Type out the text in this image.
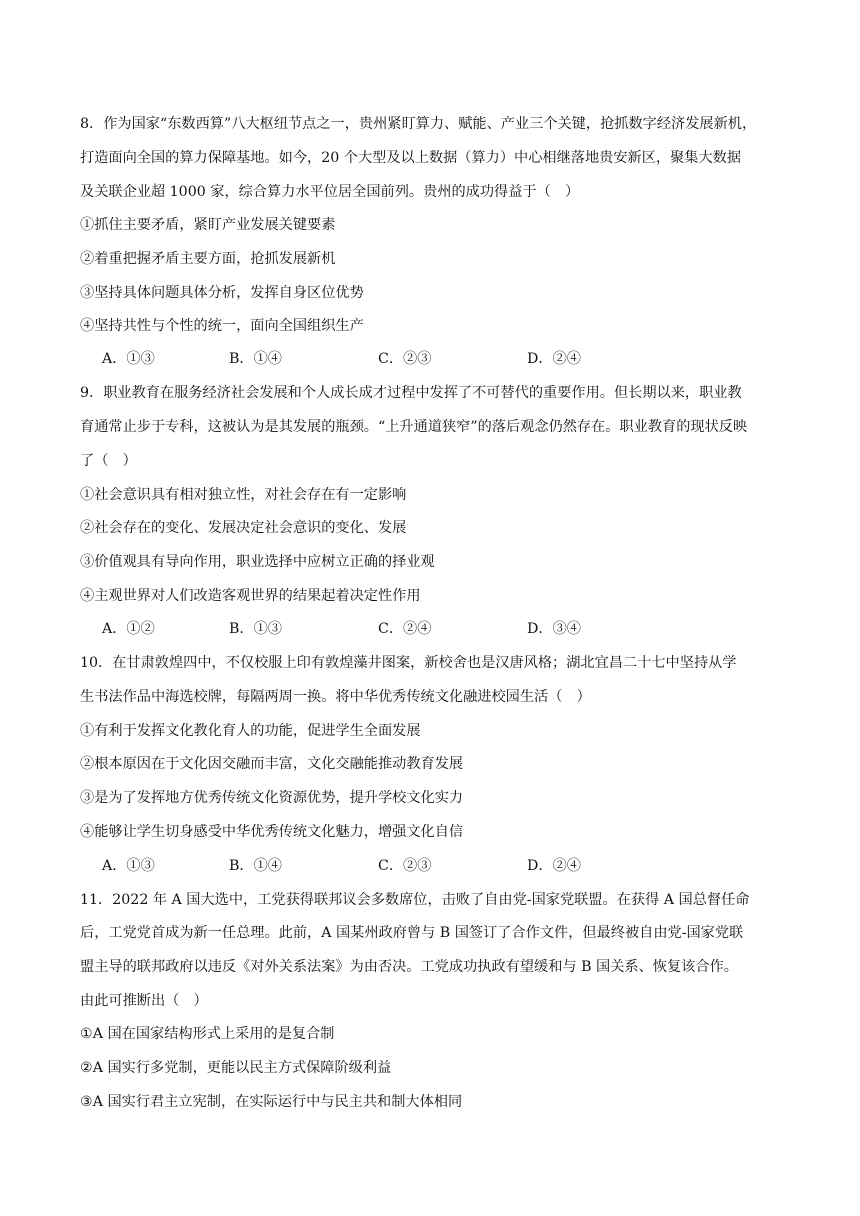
8．作为国家“东数西算”八大枢纽节点之一，贵州紧盯算力、赋能、产业三个关键，抢抓数字经济发展新机，
打造面向全国的算力保障基地。如今，20 个大型及以上数据（算力）中心相继落地贵安新区，聚集大数据
及关联企业超 1000 家，综合算力水平位居全国前列。贵州的成功得益于（　）
①抓住主要矛盾，紧盯产业发展关键要素
②着重把握矛盾主要方面，抢抓发展新机
③坚持具体问题具体分析，发挥自身区位优势
④坚持共性与个性的统一，面向全国组织生产
A．①③	B．①④	C．②③	D．②④
9．职业教育在服务经济社会发展和个人成长成才过程中发挥了不可替代的重要作用。但长期以来，职业教
育通常止步于专科，这被认为是其发展的瓶颈。“上升通道狭窄”的落后观念仍然存在。职业教育的现状反映
了（　）
①社会意识具有相对独立性，对社会存在有一定影响
②社会存在的变化、发展决定社会意识的变化、发展
③价值观具有导向作用，职业选择中应树立正确的择业观
④主观世界对人们改造客观世界的结果起着决定性作用
A．①②	B．①③	C．②④	D．③④
10．在甘肃敦煌四中，不仅校服上印有敦煌藻井图案，新校舍也是汉唐风格；湖北宜昌二十七中坚持从学
生书法作品中海选校牌，每隔两周一换。将中华优秀传统文化融进校园生活（　）
①有利于发挥文化教化育人的功能，促进学生全面发展
②根本原因在于文化因交融而丰富，文化交融能推动教育发展
③是为了发挥地方优秀传统文化资源优势，提升学校文化实力
④能够让学生切身感受中华优秀传统文化魅力，增强文化自信
A．①③	B．①④	C．②③	D．②④
11．2022 年 A 国大选中，工党获得联邦议会多数席位，击败了自由党-国家党联盟。在获得 A 国总督任命
后，工党党首成为新一任总理。此前，A 国某州政府曾与 B 国签订了合作文件，但最终被自由党-国家党联
盟主导的联邦政府以违反《对外关系法案》为由否决。工党成功执政有望缓和与 B 国关系、恢复该合作。
由此可推断出（　）
①A 国在国家结构形式上采用的是复合制
②A 国实行多党制，更能以民主方式保障阶级利益
③A 国实行君主立宪制，在实际运行中与民主共和制大体相同
